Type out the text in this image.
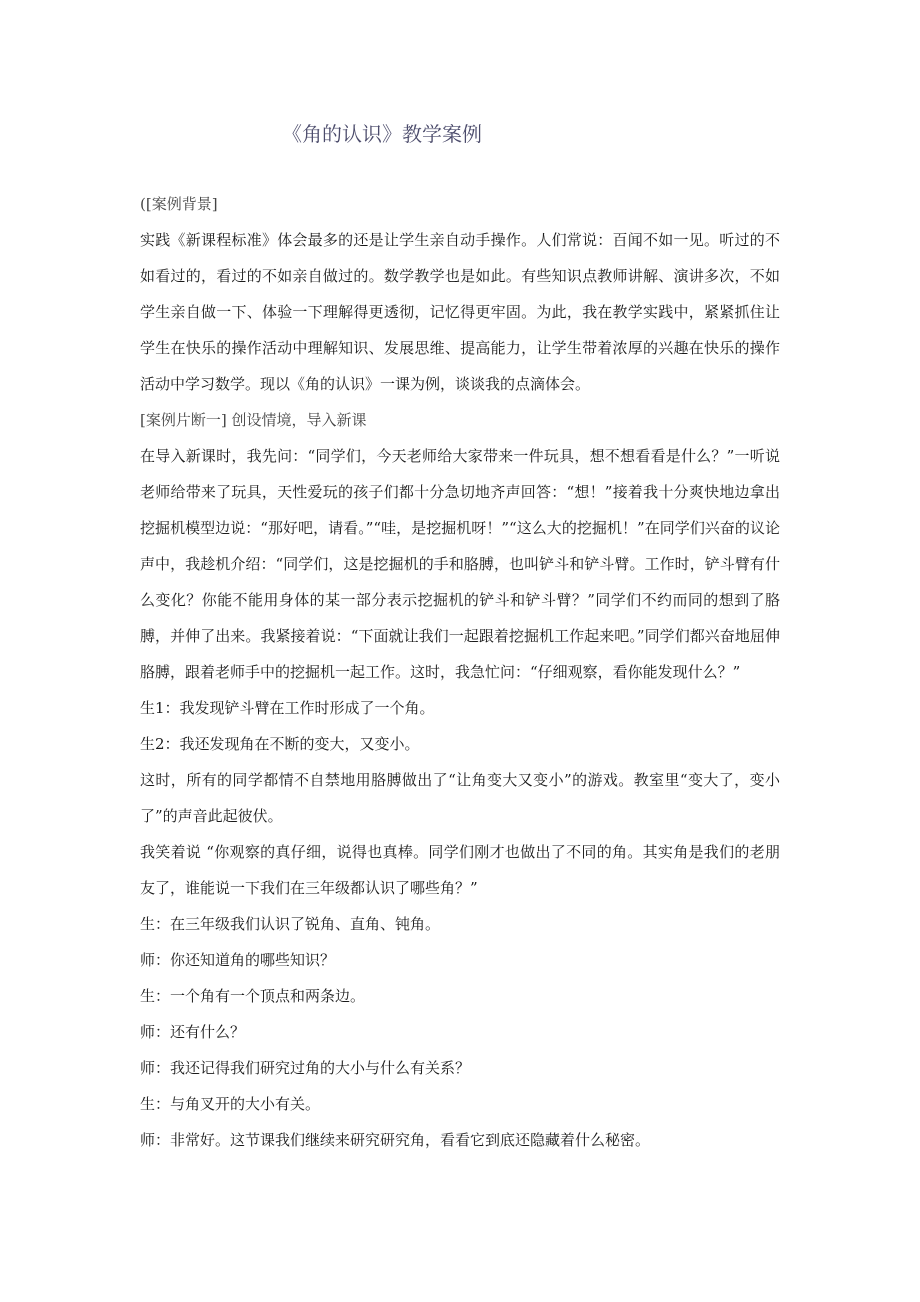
《角的认识》教学案例

([案例背景]

实践《新课程标准》体会最多的还是让学生亲自动手操作。人们常说：百闻不如一见。听过的不如看过的，看过的不如亲自做过的。数学教学也是如此。有些知识点教师讲解、演讲多次，不如学生亲自做一下、体验一下理解得更透彻，记忆得更牢固。为此，我在教学实践中，紧紧抓住让学生在快乐的操作活动中理解知识、发展思维、提高能力，让学生带着浓厚的兴趣在快乐的操作活动中学习数学。现以《角的认识》一课为例，谈谈我的点滴体会。

[案例片断一] 创设情境，导入新课

在导入新课时，我先问：“同学们，今天老师给大家带来一件玩具，想不想看看是什么？”一听说老师给带来了玩具，天性爱玩的孩子们都十分急切地齐声回答：“想！”接着我十分爽快地边拿出挖掘机模型边说：“那好吧，请看。”“哇，是挖掘机呀！”“这么大的挖掘机！”在同学们兴奋的议论声中，我趁机介绍：“同学们，这是挖掘机的手和胳膊，也叫铲斗和铲斗臂。工作时，铲斗臂有什么变化？你能不能用身体的某一部分表示挖掘机的铲斗和铲斗臂？”同学们不约而同的想到了胳膊，并伸了出来。我紧接着说：“下面就让我们一起跟着挖掘机工作起来吧。”同学们都兴奋地屈伸胳膊，跟着老师手中的挖掘机一起工作。这时，我急忙问：“仔细观察，看你能发现什么？”

生1：我发现铲斗臂在工作时形成了一个角。

生2：我还发现角在不断的变大，又变小。

这时，所有的同学都情不自禁地用胳膊做出了“让角变大又变小”的游戏。教室里“变大了，变小了”的声音此起彼伏。

我笑着说 “你观察的真仔细，说得也真棒。同学们刚才也做出了不同的角。其实角是我们的老朋友了，谁能说一下我们在三年级都认识了哪些角？”

生：在三年级我们认识了锐角、直角、钝角。

师：你还知道角的哪些知识？

生：一个角有一个顶点和两条边。

师：还有什么？

师：我还记得我们研究过角的大小与什么有关系？

生：与角叉开的大小有关。

师：非常好。这节课我们继续来研究研究角，看看它到底还隐藏着什么秘密。
